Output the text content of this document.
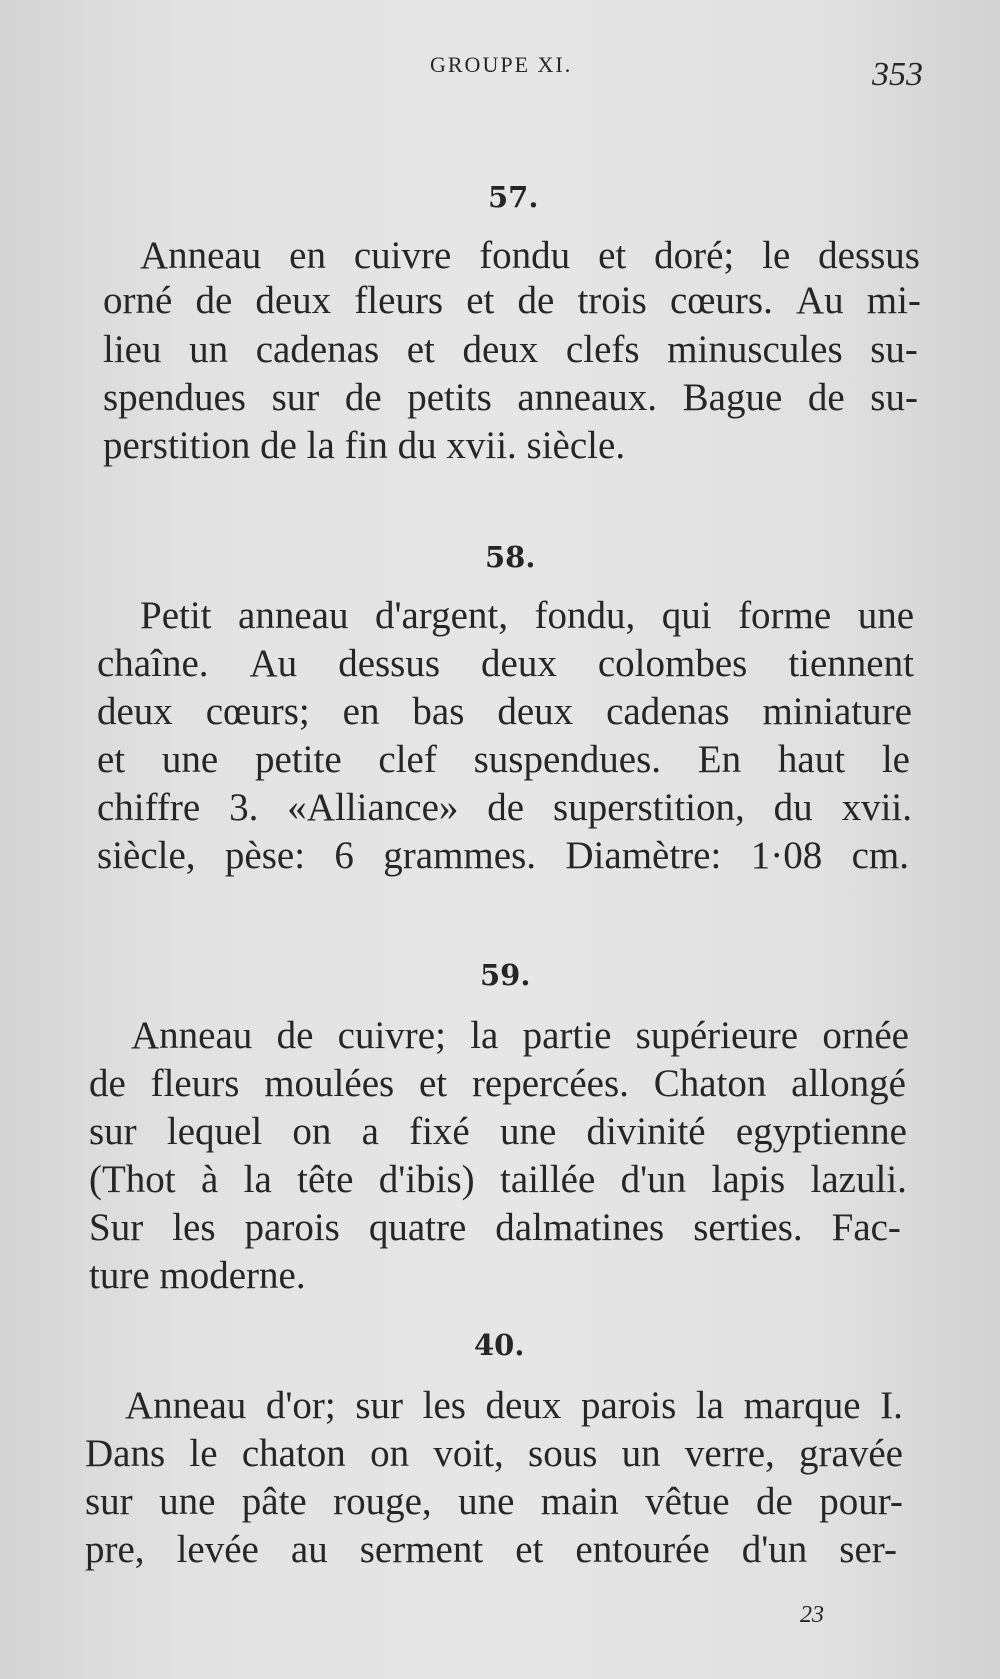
GROUPE XI.	353
57.
Anneau en cuivre fondu et doré; le dessus
orné de deux fleurs et de trois cœurs. Au mi-
lieu un cadenas et deux clefs minuscules su-
spendues sur de petits anneaux. Bague de su-
perstition de la fin du xvii. siècle.
58.
Petit anneau d'argent, fondu, qui forme une
chaîne. Au dessus deux colombes tiennent
deux cœurs; en bas deux cadenas miniature
et une petite clef suspendues. En haut le
chiffre 3. «Alliance» de superstition, du xvii.
siècle, pèse: 6 grammes. Diamètre: 1·08 cm.
59.
Anneau de cuivre; la partie supérieure ornée
de fleurs moulées et repercées. Chaton allongé
sur lequel on a fixé une divinité egyptienne
(Thot à la tête d'ibis) taillée d'un lapis lazuli.
Sur les parois quatre dalmatines serties. Fac-
ture moderne.
40.
Anneau d'or; sur les deux parois la marque I.
Dans le chaton on voit, sous un verre, gravée
sur une pâte rouge, une main vêtue de pour-
pre, levée au serment et entourée d'un ser-
23
